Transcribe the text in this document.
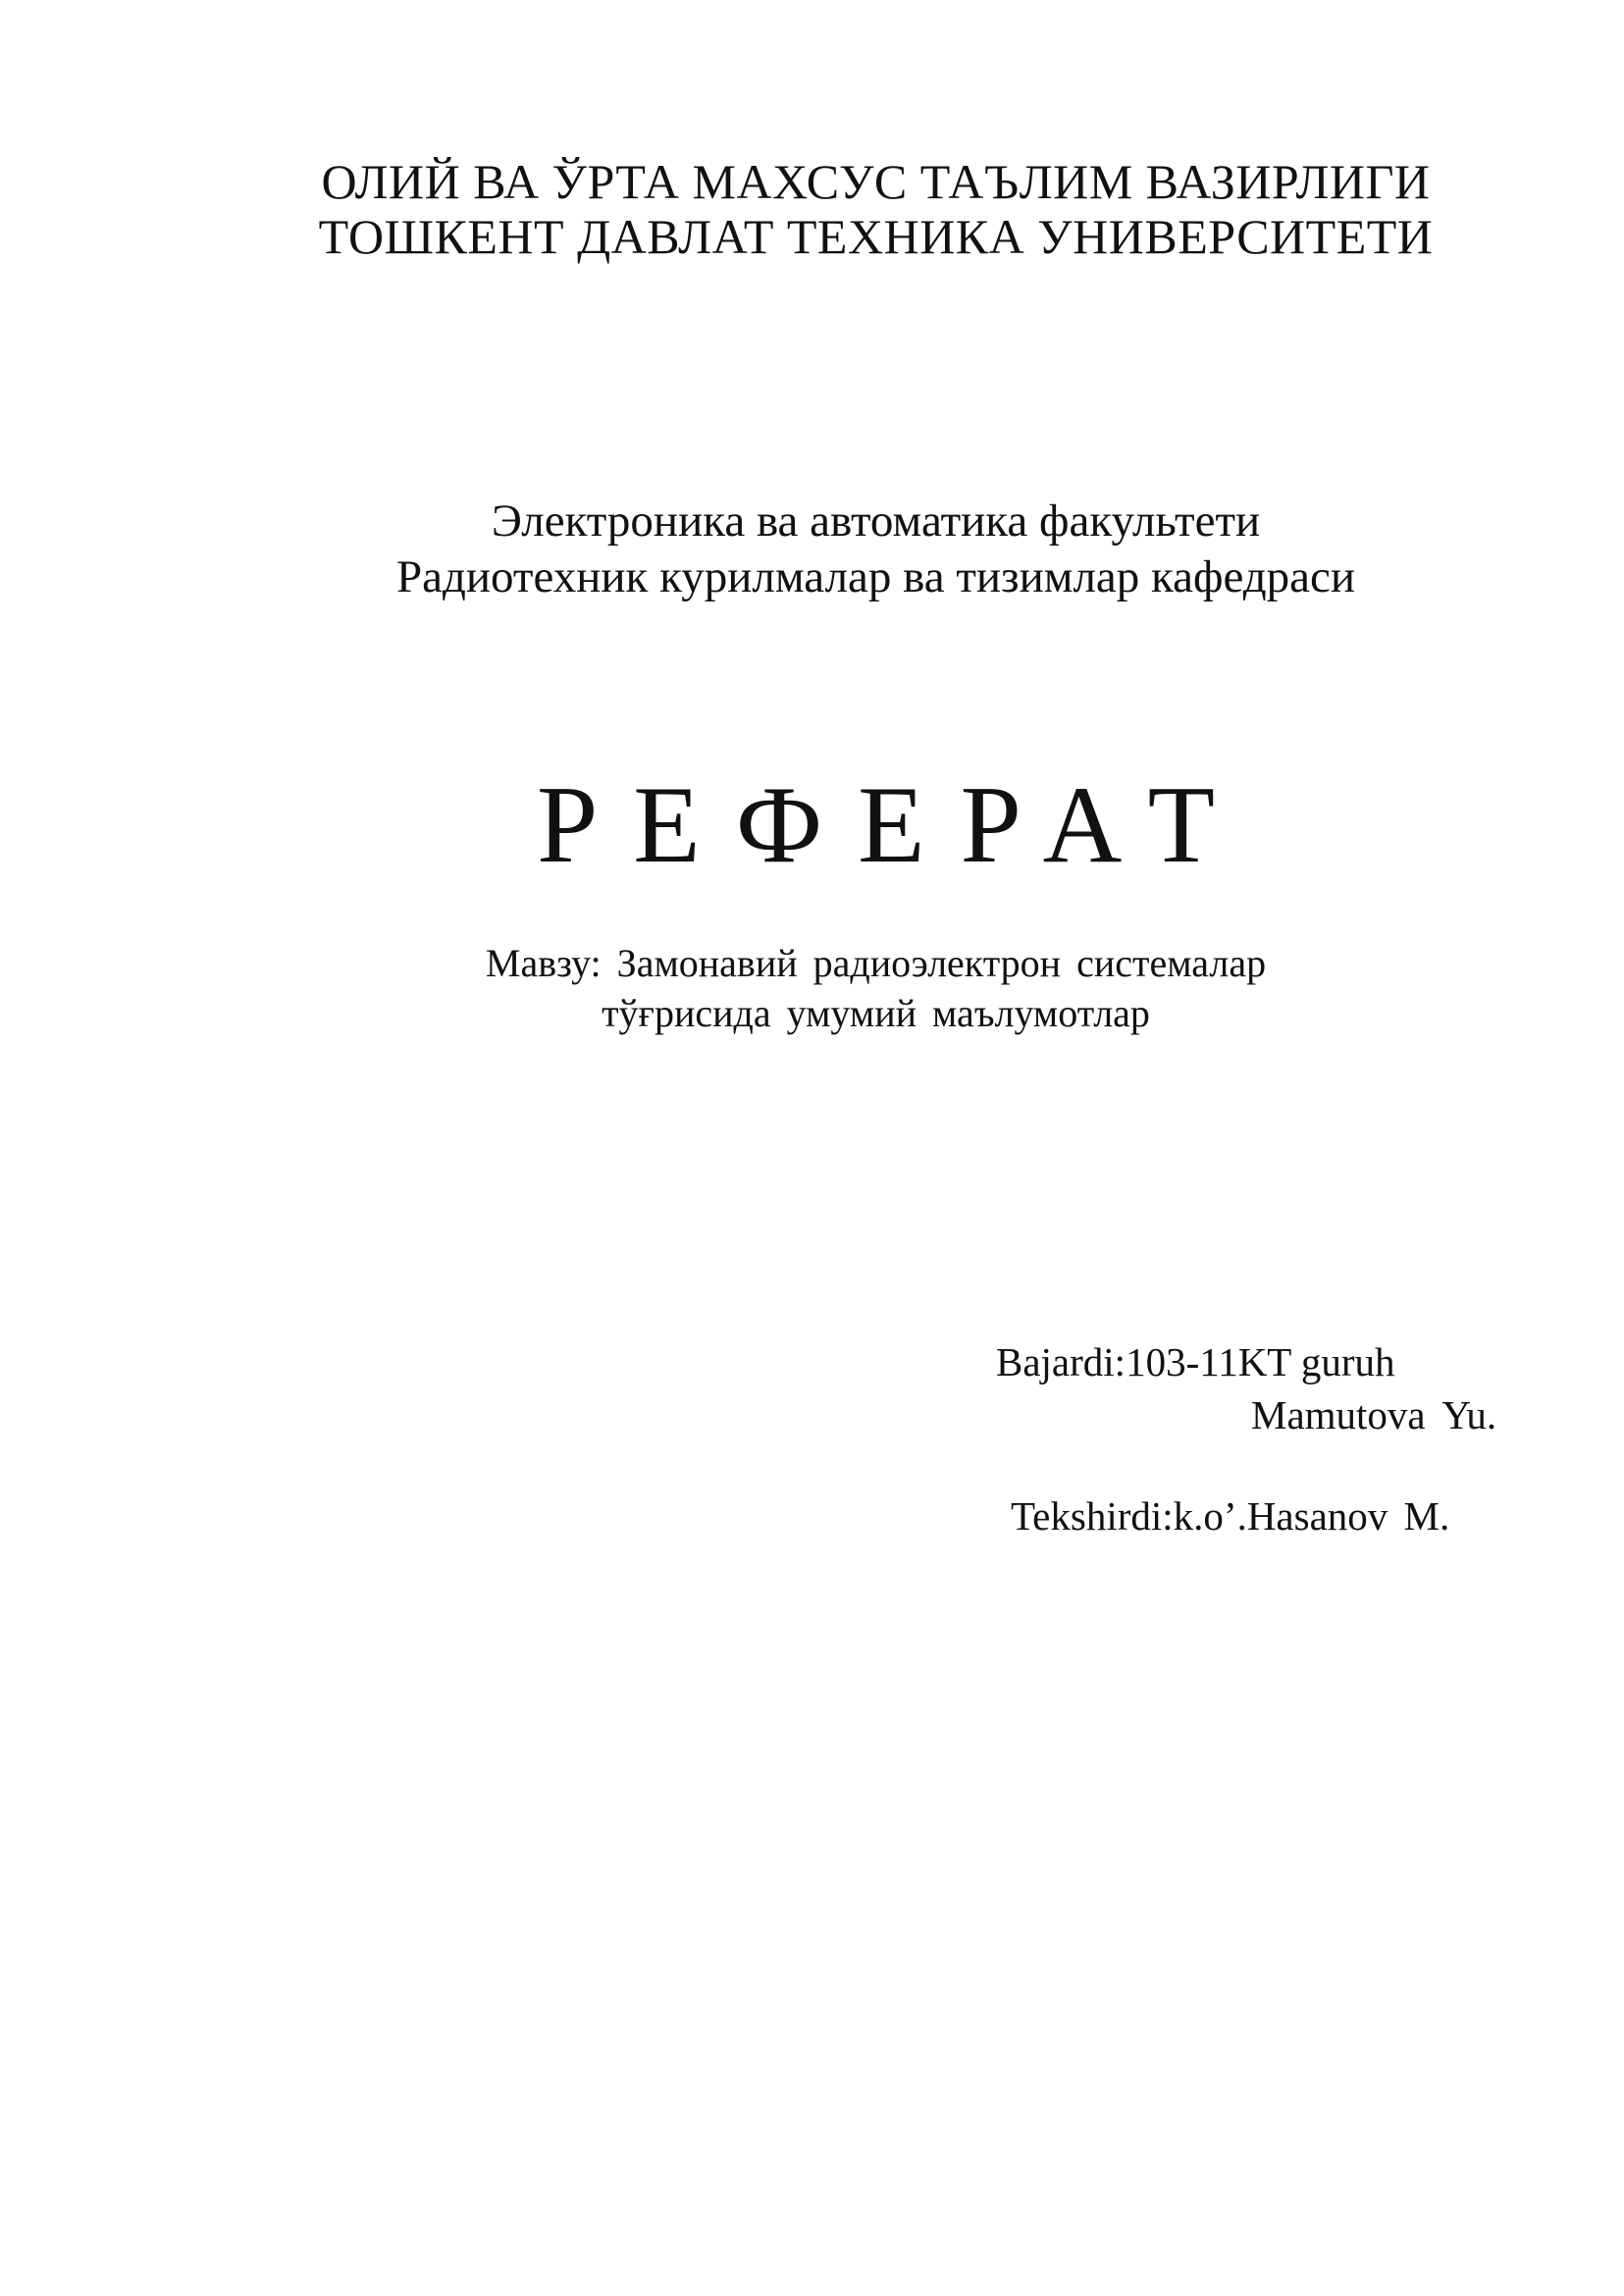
ОЛИЙ ВА ЎРТА МАХСУС ТАЪЛИМ ВАЗИРЛИГИ
ТОШКЕНТ ДАВЛАТ ТЕХНИКА УНИВЕРСИТЕТИ
Электроника ва автоматика факультети
Радиотехник курилмалар ва тизимлар кафедраси
РЕФЕРАТ
Мавзу: Замонавий радиоэлектрон системалар
тўғрисида умумий маълумотлар
Bajardi:103-11KT guruh
Mamutova Yu.
Tekshirdi:k.o’.Hasanov M.
